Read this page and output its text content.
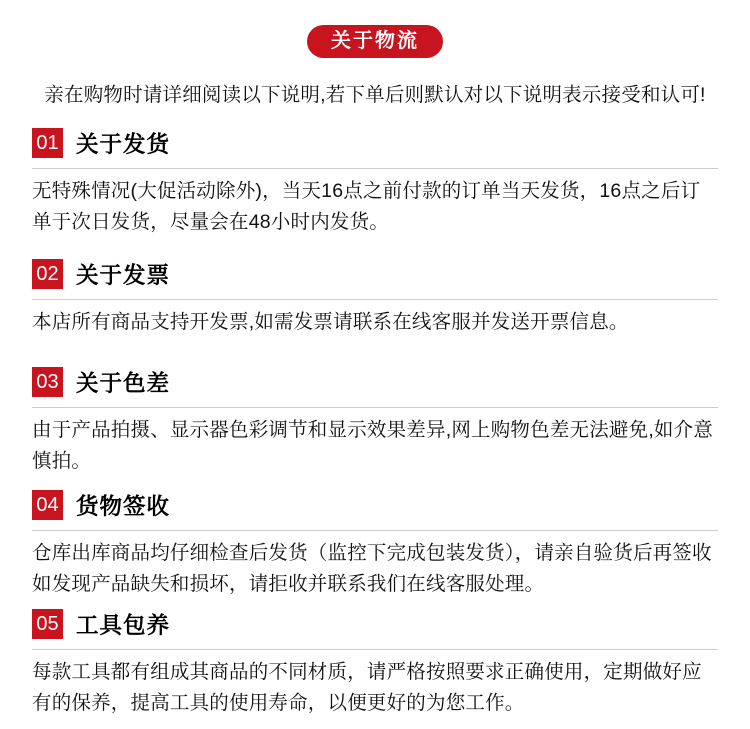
关于物流

亲在购物时请详细阅读以下说明,若下单后则默认对以下说明表示接受和认可!

01 关于发货

无特殊情况(大促活动除外)，当天16点之前付款的订单当天发货，16点之后订单于次日发货，尽量会在48小时内发货。

02 关于发票

本店所有商品支持开发票,如需发票请联系在线客服并发送开票信息。

03 关于色差

由于产品拍摄、显示器色彩调节和显示效果差异,网上购物色差无法避免,如介意慎拍。

04 货物签收

仓库出库商品均仔细检查后发货（监控下完成包装发货），请亲自验货后再签收如发现产品缺失和损坏，请拒收并联系我们在线客服处理。

05 工具包养

每款工具都有组成其商品的不同材质，请严格按照要求正确使用，定期做好应有的保养，提高工具的使用寿命，以便更好的为您工作。
